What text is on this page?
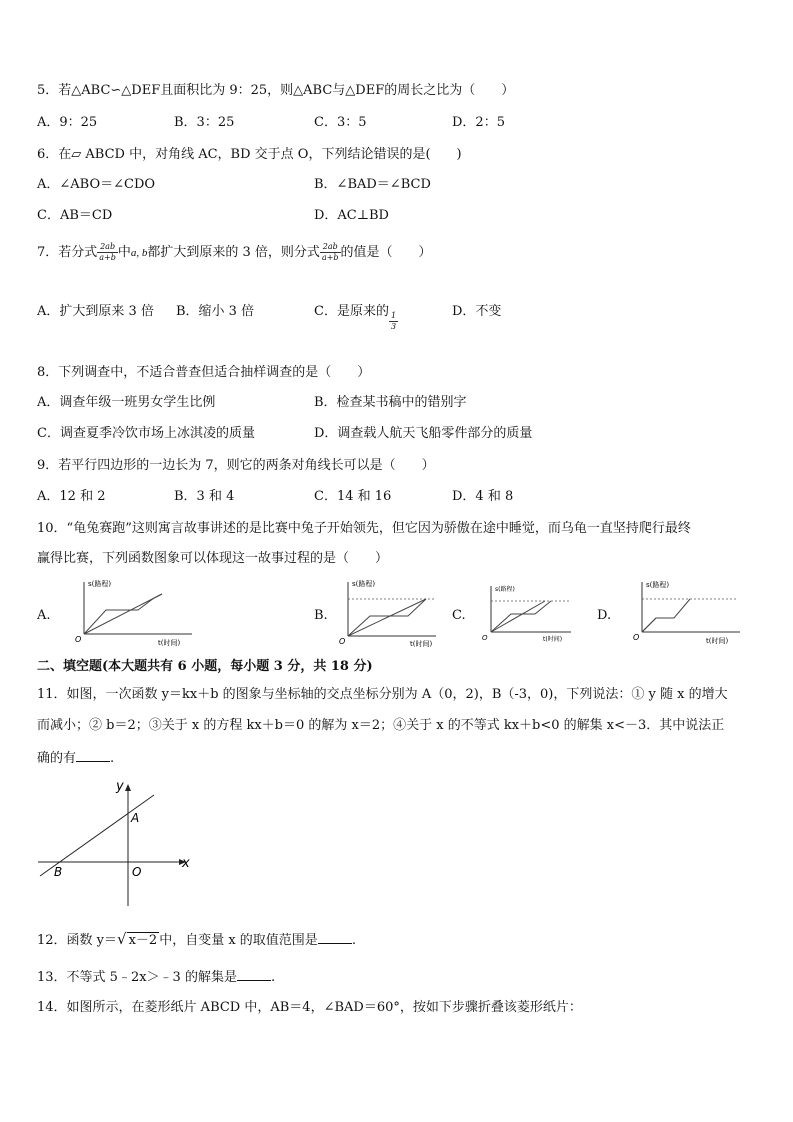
5．若△ABC∽△DEF且面积比为 9：25，则△ABC与△DEF的周长之比为（　　）
A．9：25	B．3：25	C．3：5	D．2：5
6．在▱ ABCD 中，对角线 AC，BD 交于点 O，下列结论错误的是(　　)
A．∠ABO＝∠CDO	B．∠BAD＝∠BCD
C．AB＝CD	D．AC⊥BD
7．若分式 $\frac{2ab}{a+b}$ 中a, b都扩大到原来的 3 倍，则分式 $\frac{2ab}{a+b}$ 的值是（　　）
A．扩大到原来 3 倍 B．缩小 3 倍	C．是原来的 $\frac{1}{3}$	D．不变
8．下列调查中，不适合普查但适合抽样调查的是（　　）
A．调查年级一班男女学生比例	B．检查某书稿中的错别字
C．调查夏季冷饮市场上冰淇凌的质量	D．调查载人航天飞船零件部分的质量
9．若平行四边形的一边长为 7，则它的两条对角线长可以是（　　）
A．12 和 2	B．3 和 4	C．14 和 16	D．4 和 8
10．“龟兔赛跑”这则寓言故事讲述的是比赛中兔子开始领先，但它因为骄傲在途中睡觉，而乌龟一直坚持爬行最终
赢得比赛，下列函数图象可以体现这一故事过程的是（　　）
A.
s(路程)
t(时间)
O
B.
s(路程)
t(时间)
O
C.
s(路程)
t(时间)
O
D.
s(路程)
t(时间)
O
二、填空题(本大题共有 6 小题，每小题 3 分，共 18 分)
11．如图，一次函数 y＝kx＋b 的图象与坐标轴的交点坐标分别为 A（0，2)，B（-3，0)，下列说法：① y 随 x 的增大
而减小；② b＝2；③关于 x 的方程 kx＋b＝0 的解为 x＝2；④关于 x 的不等式 kx＋b<0 的解集 x<－3．其中说法正
确的有	.
y
x
A
B	O
12．函数 y＝√ x－2 中，自变量 x 的取值范围是	.
13．不等式 5﹣2x＞﹣3 的解集是	.
14．如图所示，在菱形纸片 ABCD 中，AB＝4，∠BAD＝60°，按如下步骤折叠该菱形纸片：
